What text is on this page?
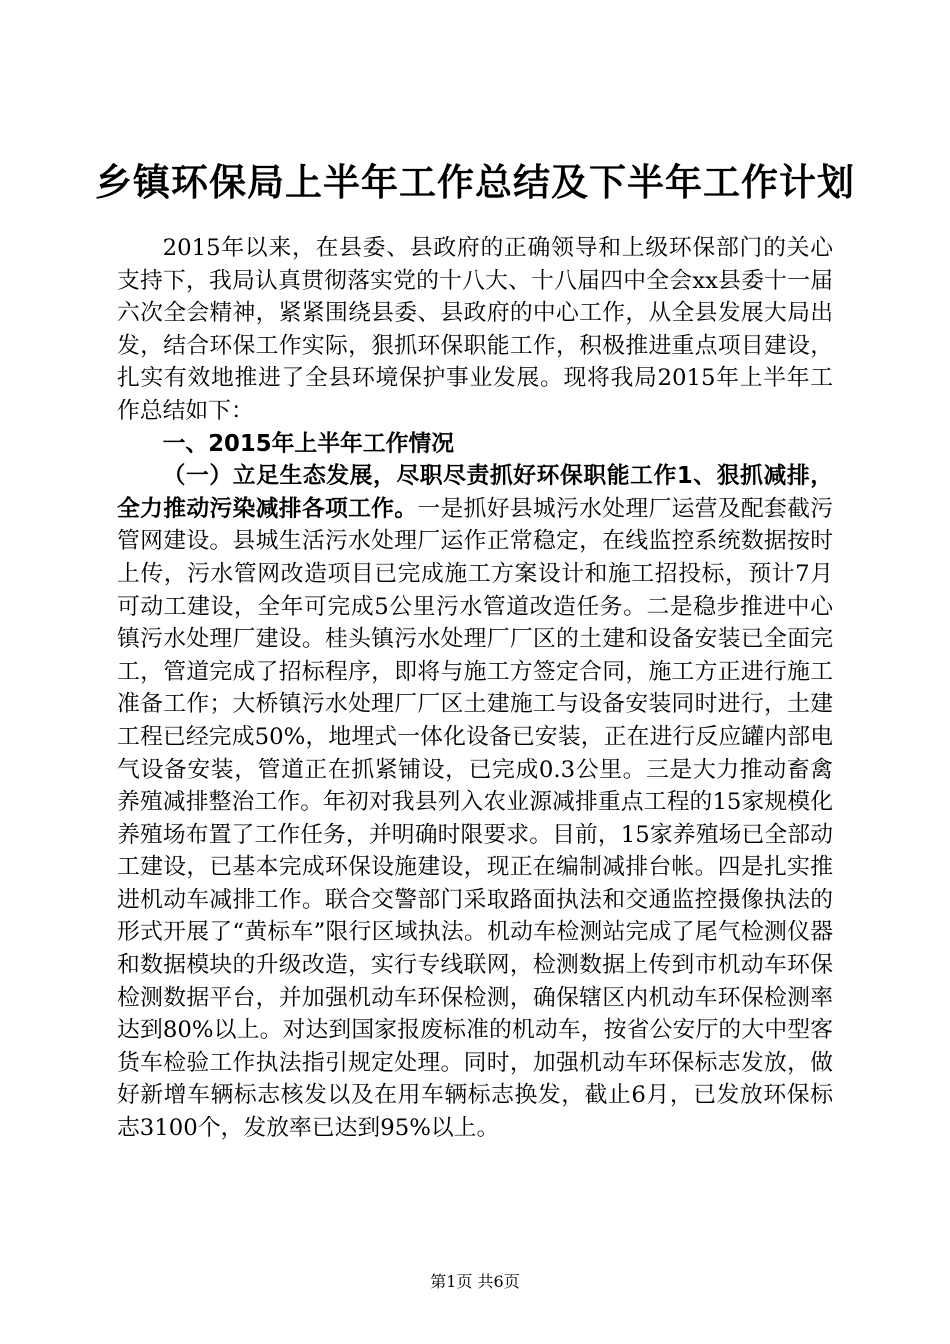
乡镇环保局上半年工作总结及下半年工作计划

2015年以来，在县委、县政府的正确领导和上级环保部门的关心支持下，我局认真贯彻落实党的十八大、十八届四中全会xx县委十一届六次全会精神，紧紧围绕县委、县政府的中心工作，从全县发展大局出发，结合环保工作实际，狠抓环保职能工作，积极推进重点项目建设，扎实有效地推进了全县环境保护事业发展。现将我局2015年上半年工作总结如下：

一、2015年上半年工作情况

（一）立足生态发展，尽职尽责抓好环保职能工作1、狠抓减排，全力推动污染减排各项工作。一是抓好县城污水处理厂运营及配套截污管网建设。县城生活污水处理厂运作正常稳定，在线监控系统数据按时上传，污水管网改造项目已完成施工方案设计和施工招投标，预计7月可动工建设，全年可完成5公里污水管道改造任务。二是稳步推进中心镇污水处理厂建设。桂头镇污水处理厂厂区的土建和设备安装已全面完工，管道完成了招标程序，即将与施工方签定合同，施工方正进行施工准备工作；大桥镇污水处理厂厂区土建施工与设备安装同时进行，土建工程已经完成50%，地埋式一体化设备已安装，正在进行反应罐内部电气设备安装，管道正在抓紧铺设，已完成0.3公里。三是大力推动畜禽养殖减排整治工作。年初对我县列入农业源减排重点工程的15家规模化养殖场布置了工作任务，并明确时限要求。目前，15家养殖场已全部动工建设，已基本完成环保设施建设，现正在编制减排台帐。四是扎实推进机动车减排工作。联合交警部门采取路面执法和交通监控摄像执法的形式开展了“黄标车”限行区域执法。机动车检测站完成了尾气检测仪器和数据模块的升级改造，实行专线联网，检测数据上传到市机动车环保检测数据平台，并加强机动车环保检测，确保辖区内机动车环保检测率达到80%以上。对达到国家报废标准的机动车，按省公安厅的大中型客货车检验工作执法指引规定处理。同时，加强机动车环保标志发放，做好新增车辆标志核发以及在用车辆标志换发，截止6月，已发放环保标志3100个，发放率已达到95%以上。

第1页 共6页
